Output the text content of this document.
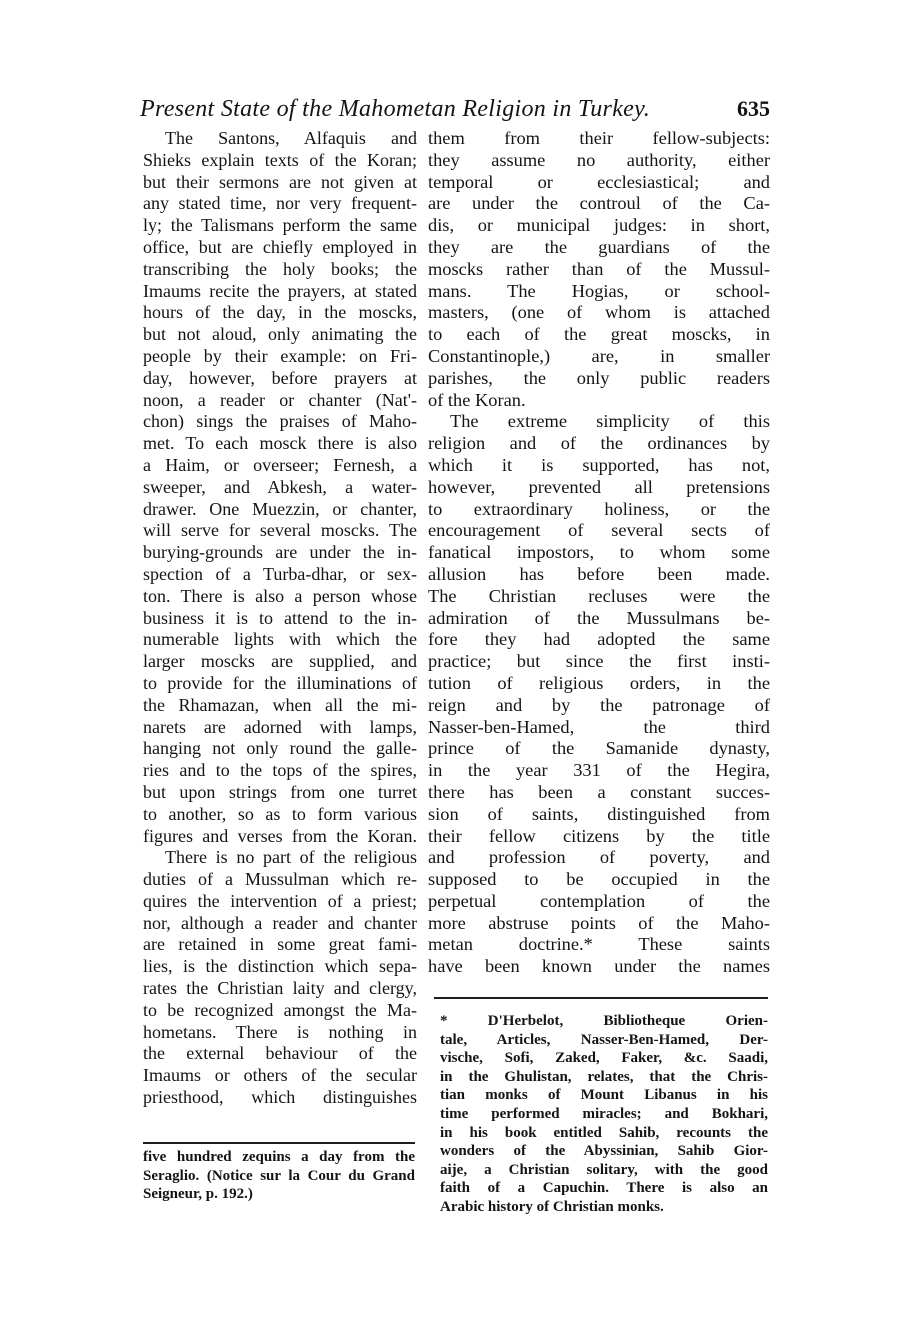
Present State of the Mahometan Religion in Turkey.	635
The Santons, Alfaquis and
Shieks explain texts of the Koran;
but their sermons are not given at
any stated time, nor very frequent-
ly; the Talismans perform the same
office, but are chiefly employed in
transcribing the holy books; the
Imaums recite the prayers, at stated
hours of the day, in the moscks,
but not aloud, only animating the
people by their example: on Fri-
day, however, before prayers at
noon, a reader or chanter (Nat'-
chon) sings the praises of Maho-
met. To each mosck there is also
a Haim, or overseer; Fernesh, a
sweeper, and Abkesh, a water-
drawer. One Muezzin, or chanter,
will serve for several moscks. The
burying-grounds are under the in-
spection of a Turba-dhar, or sex-
ton. There is also a person whose
business it is to attend to the in-
numerable lights with which the
larger moscks are supplied, and
to provide for the illuminations of
the Rhamazan, when all the mi-
narets are adorned with lamps,
hanging not only round the galle-
ries and to the tops of the spires,
but upon strings from one turret
to another, so as to form various
figures and verses from the Koran.
There is no part of the religious
duties of a Mussulman which re-
quires the intervention of a priest;
nor, although a reader and chanter
are retained in some great fami-
lies, is the distinction which sepa-
rates the Christian laity and clergy,
to be recognized amongst the Ma-
hometans. There is nothing in
the external behaviour of the
Imaums or others of the secular
priesthood, which distinguishes
five hundred zequins a day from the
Seraglio. (Notice sur la Cour du Grand
Seigneur, p. 192.)
them from their fellow-subjects:
they assume no authority, either
temporal or ecclesiastical; and
are under the controul of the Ca-
dis, or municipal judges: in short,
they are the guardians of the
moscks rather than of the Mussul-
mans. The Hogias, or school-
masters, (one of whom is attached
to each of the great moscks, in
Constantinople,) are, in smaller
parishes, the only public readers
of the Koran.
The extreme simplicity of this
religion and of the ordinances by
which it is supported, has not,
however, prevented all pretensions
to extraordinary holiness, or the
encouragement of several sects of
fanatical impostors, to whom some
allusion has before been made.
The Christian recluses were the
admiration of the Mussulmans be-
fore they had adopted the same
practice; but since the first insti-
tution of religious orders, in the
reign and by the patronage of
Nasser-ben-Hamed, the third
prince of the Samanide dynasty,
in the year 331 of the Hegira,
there has been a constant succes-
sion of saints, distinguished from
their fellow citizens by the title
and profession of poverty, and
supposed to be occupied in the
perpetual contemplation of the
more abstruse points of the Maho-
metan doctrine.* These saints
have been known under the names
* D'Herbelot, Bibliotheque Orien-
tale, Articles, Nasser-Ben-Hamed, Der-
vische, Sofi, Zaked, Faker, &c. Saadi,
in the Ghulistan, relates, that the Chris-
tian monks of Mount Libanus in his
time performed miracles; and Bokhari,
in his book entitled Sahib, recounts the
wonders of the Abyssinian, Sahib Gior-
aije, a Christian solitary, with the good
faith of a Capuchin. There is also an
Arabic history of Christian monks.
